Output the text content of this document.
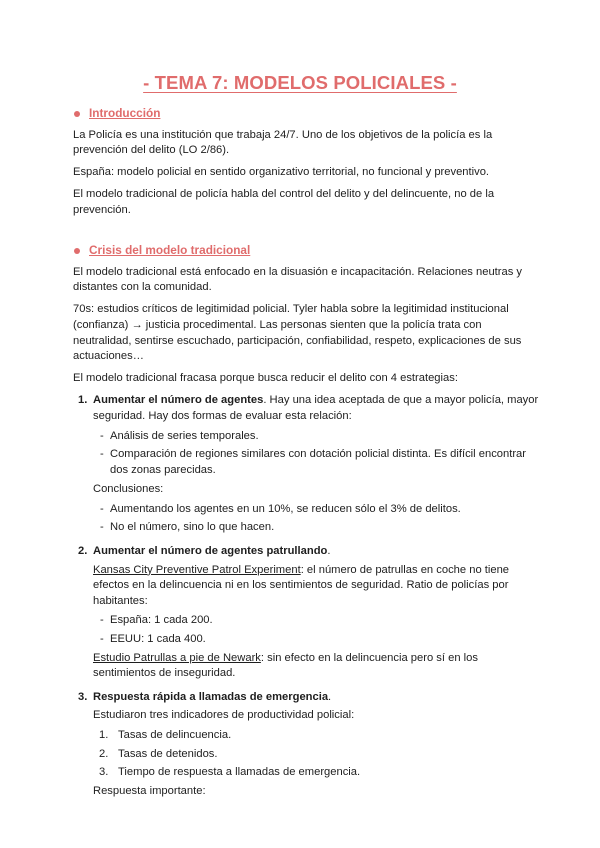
- TEMA 7: MODELOS POLICIALES -
Introducción

La Policía es una institución que trabaja 24/7. Uno de los objetivos de la policía es la prevención del delito (LO 2/86).

España: modelo policial en sentido organizativo territorial, no funcional y preventivo.

El modelo tradicional de policía habla del control del delito y del delincuente, no de la prevención.

Crisis del modelo tradicional

El modelo tradicional está enfocado en la disuasión e incapacitación. Relaciones neutras y distantes con la comunidad.

70s: estudios críticos de legitimidad policial. Tyler habla sobre la legitimidad institucional (confianza) → justicia procedimental. Las personas sienten que la policía trata con neutralidad, sentirse escuchado, participación, confiabilidad, respeto, explicaciones de sus actuaciones…

El modelo tradicional fracasa porque busca reducir el delito con 4 estrategias:

1. Aumentar el número de agentes. Hay una idea aceptada de que a mayor policía, mayor seguridad. Hay dos formas de evaluar esta relación:
- Análisis de series temporales.
- Comparación de regiones similares con dotación policial distinta. Es difícil encontrar dos zonas parecidas.
Conclusiones:
- Aumentando los agentes en un 10%, se reducen sólo el 3% de delitos.
- No el número, sino lo que hacen.
2. Aumentar el número de agentes patrullando.
Kansas City Preventive Patrol Experiment: el número de patrullas en coche no tiene efectos en la delincuencia ni en los sentimientos de seguridad. Ratio de policías por habitantes:
- España: 1 cada 200.
- EEUU: 1 cada 400.
Estudio Patrullas a pie de Newark: sin efecto en la delincuencia pero sí en los sentimientos de inseguridad.
3. Respuesta rápida a llamadas de emergencia.
Estudiaron tres indicadores de productividad policial:
1. Tasas de delincuencia.
2. Tasas de detenidos.
3. Tiempo de respuesta a llamadas de emergencia.
Respuesta importante:
